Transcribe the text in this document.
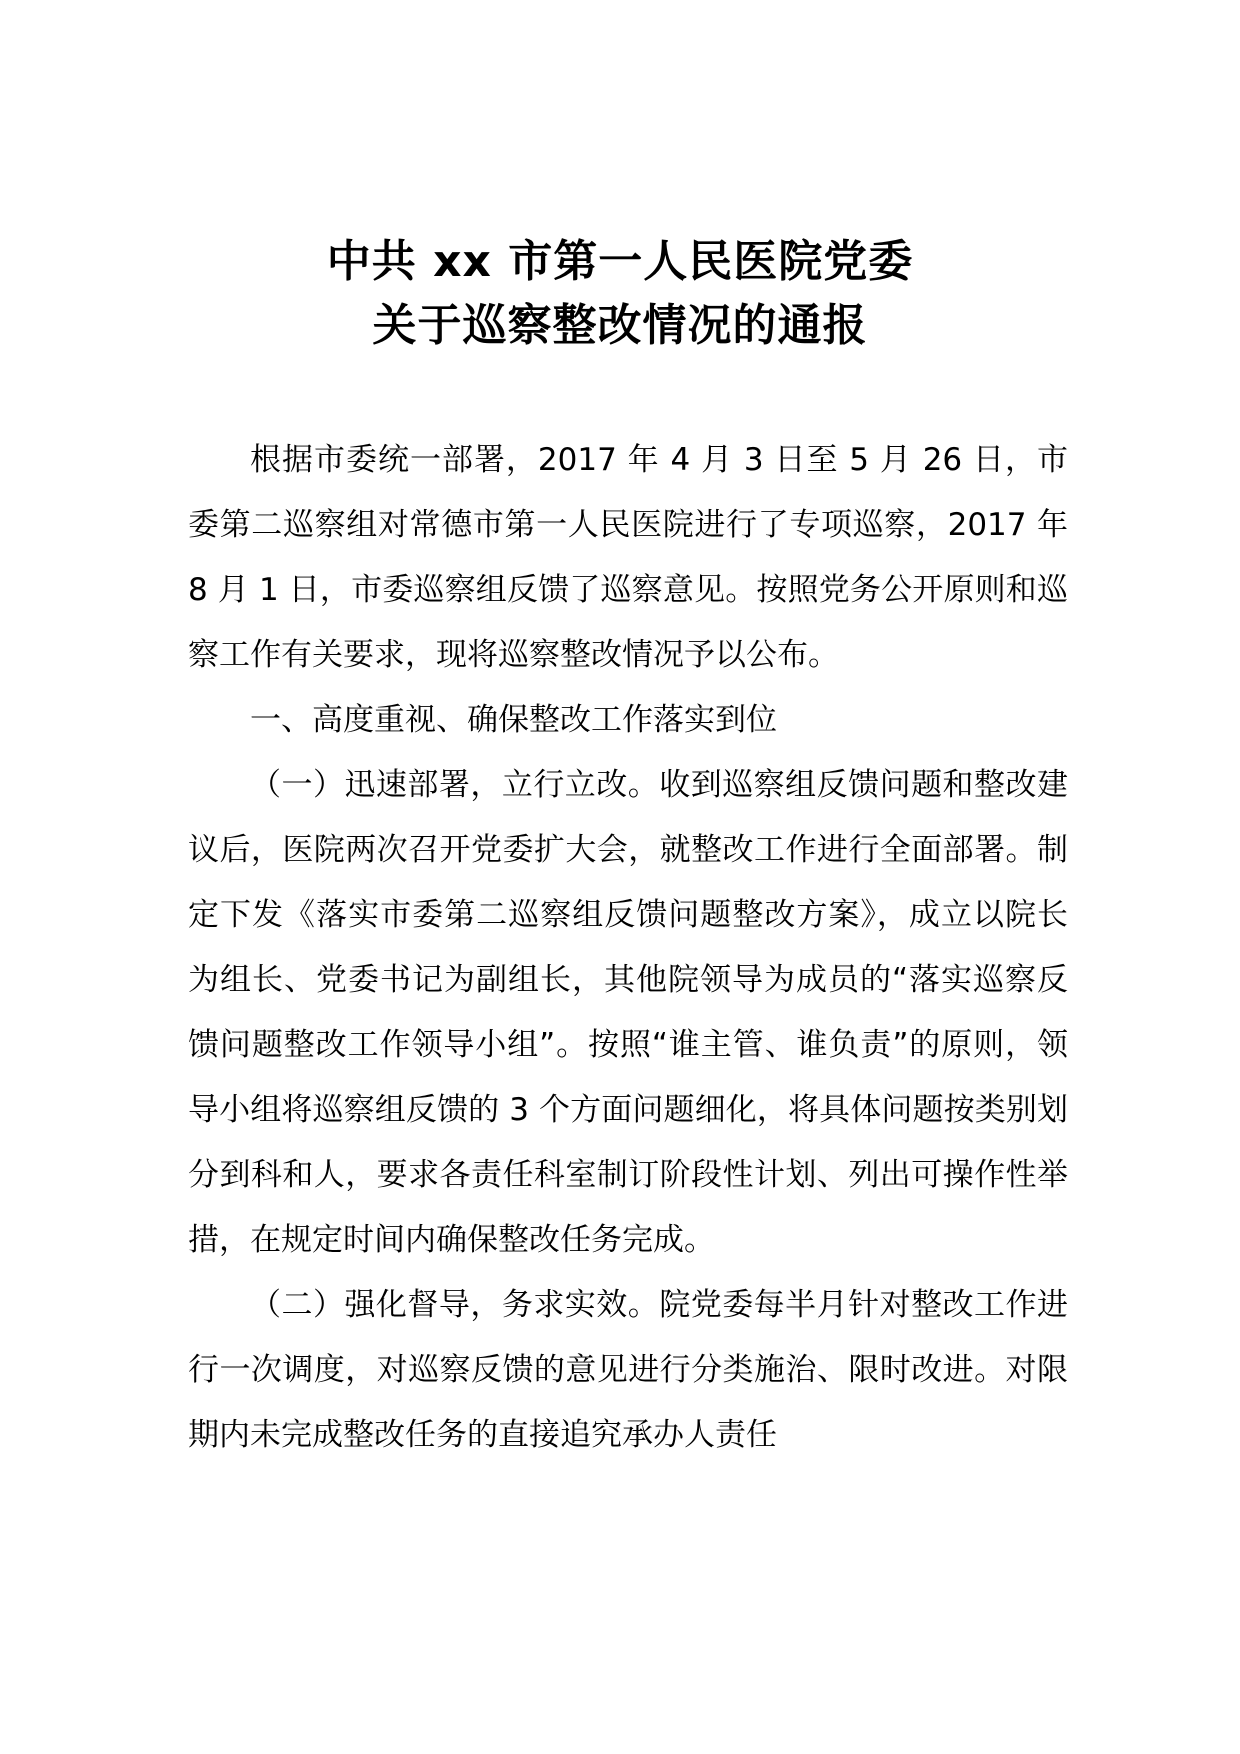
中共 xx 市第一人民医院党委
关于巡察整改情况的通报

根据市委统一部署，2017 年 4 月 3 日至 5 月 26 日，市委第二巡察组对常德市第一人民医院进行了专项巡察，2017 年 8 月 1 日，市委巡察组反馈了巡察意见。按照党务公开原则和巡察工作有关要求，现将巡察整改情况予以公布。

一、高度重视、确保整改工作落实到位

（一）迅速部署，立行立改。收到巡察组反馈问题和整改建议后，医院两次召开党委扩大会，就整改工作进行全面部署。制定下发《落实市委第二巡察组反馈问题整改方案》，成立以院长为组长、党委书记为副组长，其他院领导为成员的“落实巡察反馈问题整改工作领导小组”。按照“谁主管、谁负责”的原则，领导小组将巡察组反馈的 3 个方面问题细化，将具体问题按类别划分到科和人，要求各责任科室制订阶段性计划、列出可操作性举措，在规定时间内确保整改任务完成。

（二）强化督导，务求实效。院党委每半月针对整改工作进行一次调度，对巡察反馈的意见进行分类施治、限时改进。对限期内未完成整改任务的直接追究承办人责任
